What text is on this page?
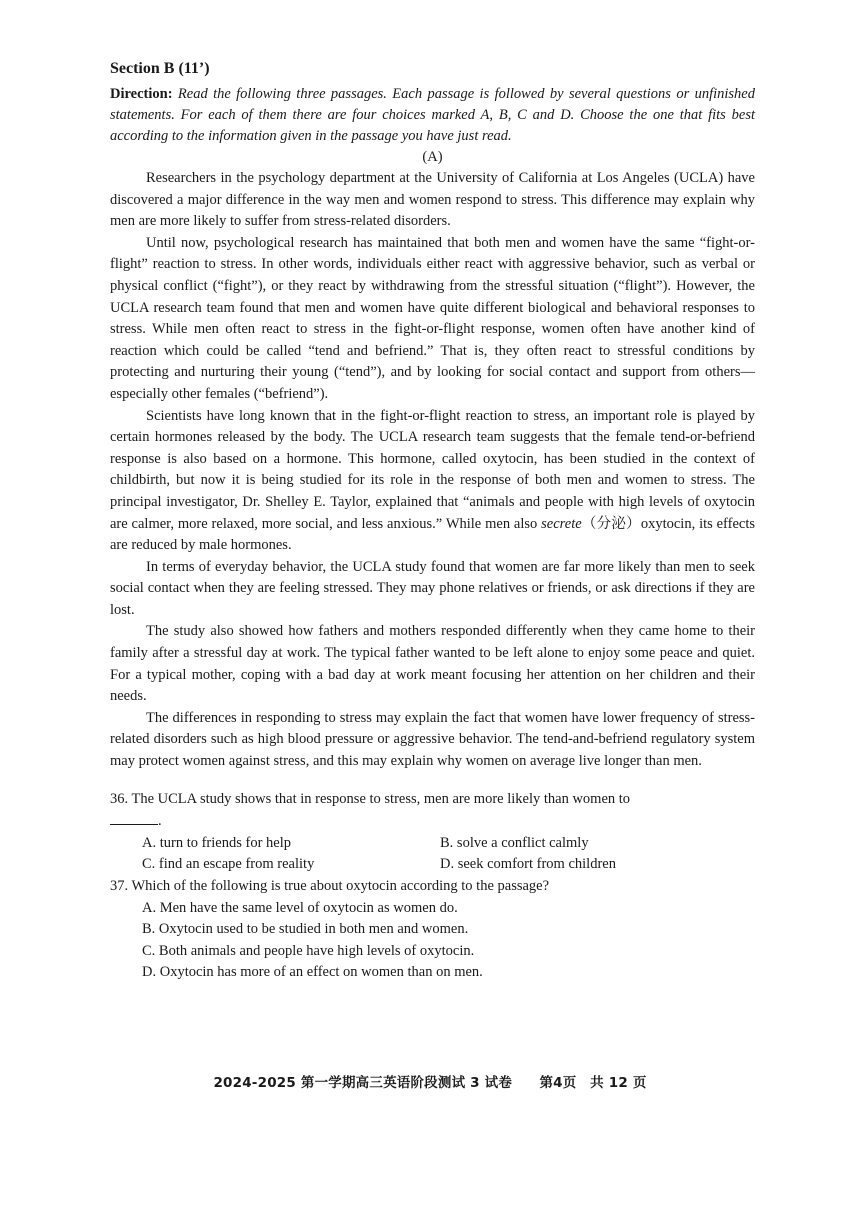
Section B (11’)

Direction: Read the following three passages. Each passage is followed by several questions or unfinished statements. For each of them there are four choices marked A, B, C and D. Choose the one that fits best according to the information given in the passage you have just read.

(A)

Researchers in the psychology department at the University of California at Los Angeles (UCLA) have discovered a major difference in the way men and women respond to stress. This difference may explain why men are more likely to suffer from stress-related disorders.

Until now, psychological research has maintained that both men and women have the same “fight-or-flight” reaction to stress. In other words, individuals either react with aggressive behavior, such as verbal or physical conflict (“fight”), or they react by withdrawing from the stressful situation (“flight”). However, the UCLA research team found that men and women have quite different biological and behavioral responses to stress. While men often react to stress in the fight-or-flight response, women often have another kind of reaction which could be called “tend and befriend.” That is, they often react to stressful conditions by protecting and nurturing their young (“tend”), and by looking for social contact and support from others—especially other females (“befriend”).

Scientists have long known that in the fight-or-flight reaction to stress, an important role is played by certain hormones released by the body. The UCLA research team suggests that the female tend-or-befriend response is also based on a hormone. This hormone, called oxytocin, has been studied in the context of childbirth, but now it is being studied for its role in the response of both men and women to stress. The principal investigator, Dr. Shelley E. Taylor, explained that “animals and people with high levels of oxytocin are calmer, more relaxed, more social, and less anxious.” While men also secrete（分泌）oxytocin, its effects are reduced by male hormones.

In terms of everyday behavior, the UCLA study found that women are far more likely than men to seek social contact when they are feeling stressed. They may phone relatives or friends, or ask directions if they are lost.

The study also showed how fathers and mothers responded differently when they came home to their family after a stressful day at work. The typical father wanted to be left alone to enjoy some peace and quiet. For a typical mother, coping with a bad day at work meant focusing her attention on her children and their needs.

The differences in responding to stress may explain the fact that women have lower frequency of stress-related disorders such as high blood pressure or aggressive behavior. The tend-and-befriend regulatory system may protect women against stress, and this may explain why women on average live longer than men.

36. The UCLA study shows that in response to stress, men are more likely than women to
.

A. turn to friends for help	B. solve a conflict calmly
C. find an escape from reality	D. seek comfort from children

37. Which of the following is true about oxytocin according to the passage?

A. Men have the same level of oxytocin as women do.

B. Oxytocin used to be studied in both men and women.

C. Both animals and people have high levels of oxytocin.

D. Oxytocin has more of an effect on women than on men.

2024-2025 第一学期高三英语阶段测试 3 试卷　　第4页　共 12 页
